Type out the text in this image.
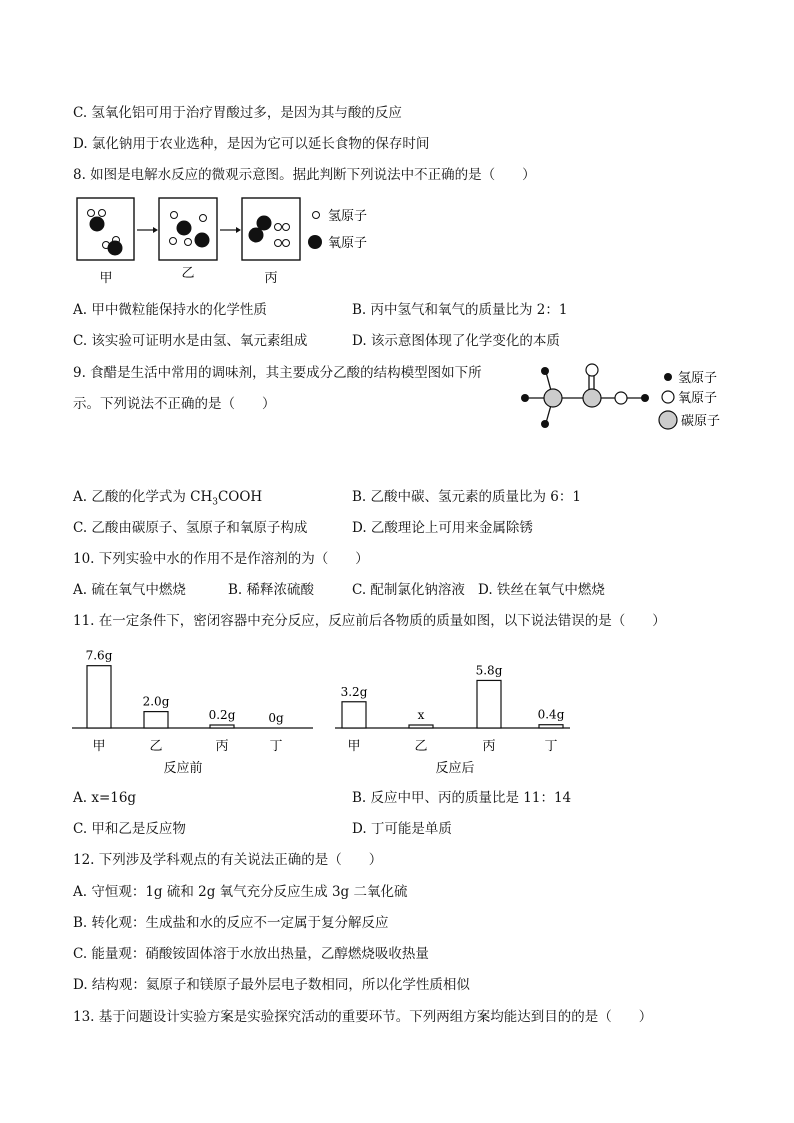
C. 氢氧化铝可用于治疗胃酸过多，是因为其与酸的反应
D. 氯化钠用于农业选种，是因为它可以延长食物的保存时间
8. 如图是电解水反应的微观示意图。据此判断下列说法中不正确的是（　　）
甲	乙	丙
氢原子
氧原子
A. 甲中微粒能保持水的化学性质	B. 丙中氢气和氧气的质量比为 2：1
C. 该实验可证明水是由氢、氧元素组成	D. 该示意图体现了化学变化的本质
9. 食醋是生活中常用的调味剂，其主要成分乙酸的结构模型图如下所
示。下列说法不正确的是（　　）
氢原子
氧原子
碳原子
A. 乙酸的化学式为 $CH_3COOH$	B. 乙酸中碳、氢元素的质量比为 6：1
C. 乙酸由碳原子、氢原子和氧原子构成	D. 乙酸理论上可用来金属除锈
10. 下列实验中水的作用不是作溶剂的为（　　）
A. 硫在氧气中燃烧	B. 稀释浓硫酸	C. 配制氯化钠溶液 D. 铁丝在氧气中燃烧
11. 在一定条件下，密闭容器中充分反应，反应前后各物质的质量如图，以下说法错误的是（　　）
7.6g
甲
2.0g
乙
0.2g
丙
0g
丁
反应前
3.2g
甲
x
乙
5.8g
丙
0.4g
丁
反应后
A. x=16g	B. 反应中甲、丙的质量比是 11：14
C. 甲和乙是反应物	D. 丁可能是单质
12. 下列涉及学科观点的有关说法正确的是（　　）
A. 守恒观：1g 硫和 2g 氧气充分反应生成 3g 二氧化硫
B. 转化观：生成盐和水的反应不一定属于复分解反应
C. 能量观：硝酸铵固体溶于水放出热量，乙醇燃烧吸收热量
D. 结构观：氦原子和镁原子最外层电子数相同，所以化学性质相似
13. 基于问题设计实验方案是实验探究活动的重要环节。下列两组方案均能达到目的的是（　　）
